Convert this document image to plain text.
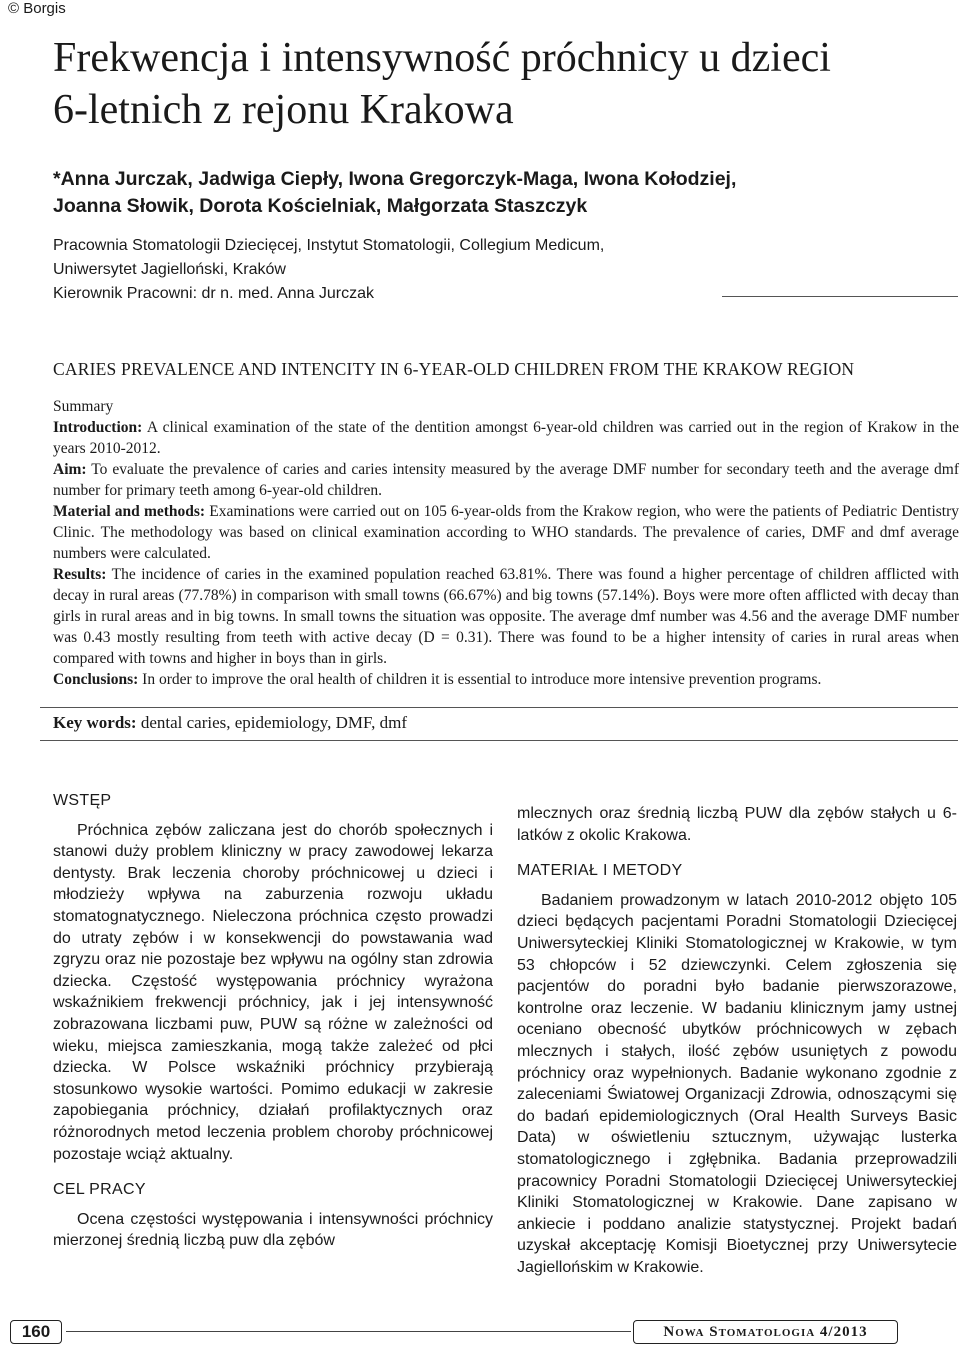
© Borgis
Frekwencja i intensywność próchnicy u dzieci
6-letnich z rejonu Krakowa
*Anna Jurczak, Jadwiga Ciepły, Iwona Gregorczyk-Maga, Iwona Kołodziej,
Joanna Słowik, Dorota Kościelniak, Małgorzata Staszczyk
Pracownia Stomatologii Dziecięcej, Instytut Stomatologii, Collegium Medicum,
Uniwersytet Jagielloński, Kraków
Kierownik Pracowni: dr n. med. Anna Jurczak
CARIES PREVALENCE AND INTENCITY IN 6-YEAR-OLD CHILDREN FROM THE KRAKOW REGION
Summary

Introduction: A clinical examination of the state of the dentition amongst 6-year-old children was carried out in the region of Krakow in the years 2010-2012.

Aim: To evaluate the prevalence of caries and caries intensity measured by the average DMF number for secondary teeth and the average dmf number for primary teeth among 6-year-old children.

Material and methods: Examinations were carried out on 105 6-year-olds from the Krakow region, who were the patients of Pediatric Dentistry Clinic. The methodology was based on clinical examination according to WHO standards. The prevalence of caries, DMF and dmf average numbers were calculated.

Results: The incidence of caries in the examined population reached 63.81%. There was found a higher percentage of children afflicted with decay in rural areas (77.78%) in comparison with small towns (66.67%) and big towns (57.14%). Boys were more often afflicted with decay than girls in rural areas and in big towns. In small towns the situation was opposite. The average dmf number was 4.56 and the average DMF number was 0.43 mostly resulting from teeth with active decay (D = 0.31). There was found to be a higher intensity of caries in rural areas when compared with towns and higher in boys than in girls.

Conclusions: In order to improve the oral health of children it is essential to introduce more intensive prevention programs.

Key words: dental caries, epidemiology, DMF, dmf
WSTĘP

Próchnica zębów zaliczana jest do chorób społecznych i stanowi duży problem kliniczny w pracy zawodowej lekarza dentysty. Brak leczenia choroby próchnicowej u dzieci i młodzieży wpływa na zaburzenia rozwoju układu stomatognatycznego. Nieleczona próchnica często prowadzi do utraty zębów i w konsekwencji do powstawania wad zgryzu oraz nie pozostaje bez wpływu na ogólny stan zdrowia dziecka. Częstość występowania próchnicy wyrażona wskaźnikiem frekwencji próchnicy, jak i jej intensywność zobrazowana liczbami puw, PUW są różne w zależności od wieku, miejsca zamieszkania, mogą także zależeć od płci dziecka. W Polsce wskaźniki próchnicy przybierają stosunkowo wysokie wartości. Pomimo edukacji w zakresie zapobiegania próchnicy, działań profilaktycznych oraz różnorodnych metod leczenia problem choroby próchnicowej pozostaje wciąż aktualny.

CEL PRACY

Ocena częstości występowania i intensywności próchnicy mierzonej średnią liczbą puw dla zębów

mlecznych oraz średnią liczbą PUW dla zębów stałych u 6-latków z okolic Krakowa.

MATERIAŁ I METODY

Badaniem prowadzonym w latach 2010-2012 objęto 105 dzieci będących pacjentami Poradni Stomatologii Dziecięcej Uniwersyteckiej Kliniki Stomatologicznej w Krakowie, w tym 53 chłopców i 52 dziewczynki. Celem zgłoszenia się pacjentów do poradni było badanie pierwszorazowe, kontrolne oraz leczenie. W badaniu klinicznym jamy ustnej oceniano obecność ubytków próchnicowych w zębach mlecznych i stałych, ilość zębów usuniętych z powodu próchnicy oraz wypełnionych. Badanie wykonano zgodnie z zaleceniami Światowej Organizacji Zdrowia, odnoszącymi się do badań epidemiologicznych (Oral Health Surveys Basic Data) w oświetleniu sztucznym, używając lusterka stomatologicznego i zgłębnika. Badania przeprowadzili pracownicy Poradni Stomatologii Dziecięcej Uniwersyteckiej Kliniki Stomatologicznej w Krakowie. Dane zapisano w ankiecie i poddano analizie statystycznej. Projekt badań uzyskał akceptację Komisji Bioetycznej przy Uniwersytecie Jagiellońskim w Krakowie.

160	Nowa Stomatologia 4/2013
